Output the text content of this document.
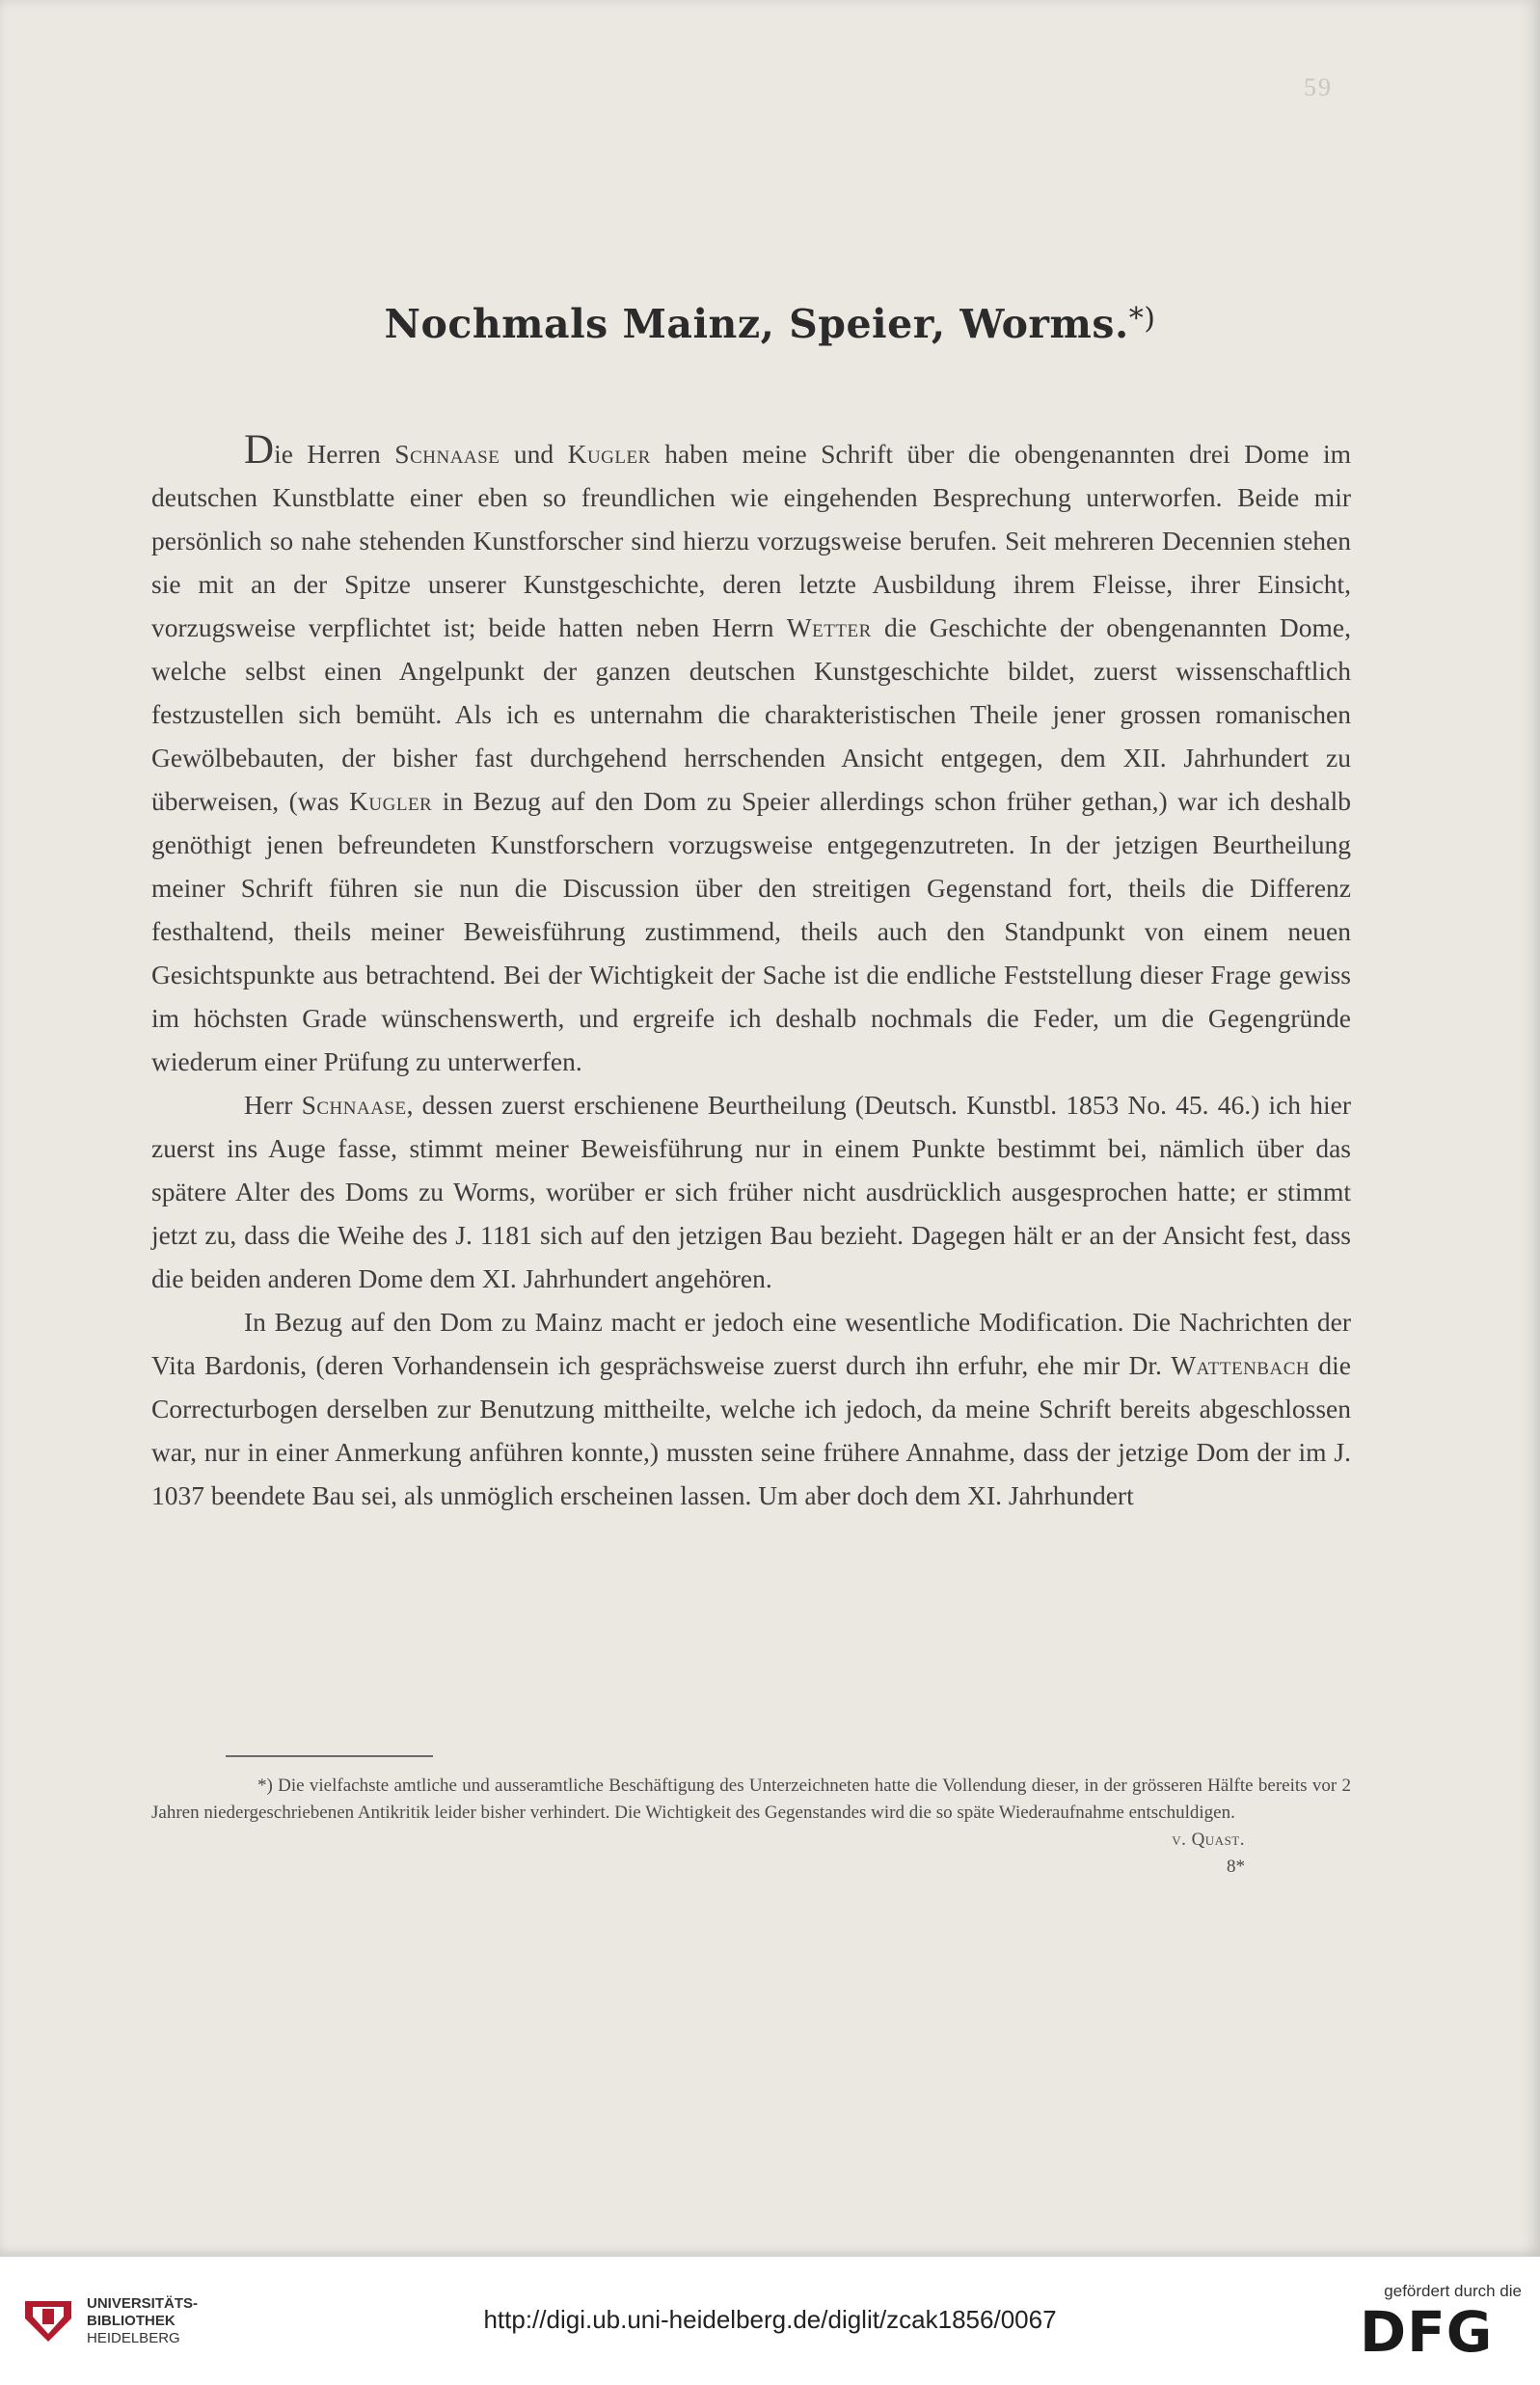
59
Nochmals Mainz, Speier, Worms.*)

Die Herren Schnaase und Kugler haben meine Schrift über die obengenannten drei Dome im deutschen Kunstblatte einer eben so freundlichen wie eingehenden Besprechung unterworfen. Beide mir persönlich so nahe stehenden Kunstforscher sind hierzu vorzugsweise berufen. Seit mehreren Decennien stehen sie mit an der Spitze unserer Kunstgeschichte, deren letzte Ausbildung ihrem Fleisse, ihrer Einsicht, vorzugsweise verpflichtet ist; beide hatten neben Herrn Wetter die Geschichte der obengenannten Dome, welche selbst einen Angelpunkt der ganzen deutschen Kunstgeschichte bildet, zuerst wissenschaftlich festzustellen sich bemüht. Als ich es unternahm die charakteristischen Theile jener grossen romanischen Gewölbebauten, der bisher fast durchgehend herrschenden Ansicht entgegen, dem XII. Jahrhundert zu überweisen, (was Kugler in Bezug auf den Dom zu Speier allerdings schon früher gethan,) war ich deshalb genöthigt jenen befreundeten Kunstforschern vorzugsweise entgegenzutreten. In der jetzigen Beurtheilung meiner Schrift führen sie nun die Discussion über den streitigen Gegenstand fort, theils die Differenz festhaltend, theils meiner Beweisführung zustimmend, theils auch den Standpunkt von einem neuen Gesichtspunkte aus betrachtend. Bei der Wichtigkeit der Sache ist die endliche Feststellung dieser Frage gewiss im höchsten Grade wünschenswerth, und ergreife ich deshalb nochmals die Feder, um die Gegengründe wiederum einer Prüfung zu unterwerfen.

Herr Schnaase, dessen zuerst erschienene Beurtheilung (Deutsch. Kunstbl. 1853 No. 45. 46.) ich hier zuerst ins Auge fasse, stimmt meiner Beweisführung nur in einem Punkte bestimmt bei, nämlich über das spätere Alter des Doms zu Worms, worüber er sich früher nicht ausdrücklich ausgesprochen hatte; er stimmt jetzt zu, dass die Weihe des J. 1181 sich auf den jetzigen Bau bezieht. Dagegen hält er an der Ansicht fest, dass die beiden anderen Dome dem XI. Jahrhundert angehören.

In Bezug auf den Dom zu Mainz macht er jedoch eine wesentliche Modification. Die Nachrichten der Vita Bardonis, (deren Vorhandensein ich gesprächsweise zuerst durch ihn erfuhr, ehe mir Dr. Wattenbach die Correcturbogen derselben zur Benutzung mittheilte, welche ich jedoch, da meine Schrift bereits abgeschlossen war, nur in einer Anmerkung anführen konnte,) mussten seine frühere Annahme, dass der jetzige Dom der im J. 1037 beendete Bau sei, als unmöglich erscheinen lassen. Um aber doch dem XI. Jahrhundert

*) Die vielfachste amtliche und ausseramtliche Beschäftigung des Unterzeichneten hatte die Vollendung dieser, in der grösseren Hälfte bereits vor 2 Jahren niedergeschriebenen Antikritik leider bisher verhindert. Die Wichtigkeit des Gegenstandes wird die so späte Wiederaufnahme entschuldigen.

v. Quast.
8*
UNIVERSITÄTS-
BIBLIOTHEK
HEIDELBERG
http://digi.ub.uni-heidelberg.de/diglit/zcak1856/0067
gefördert durch die
DFG
